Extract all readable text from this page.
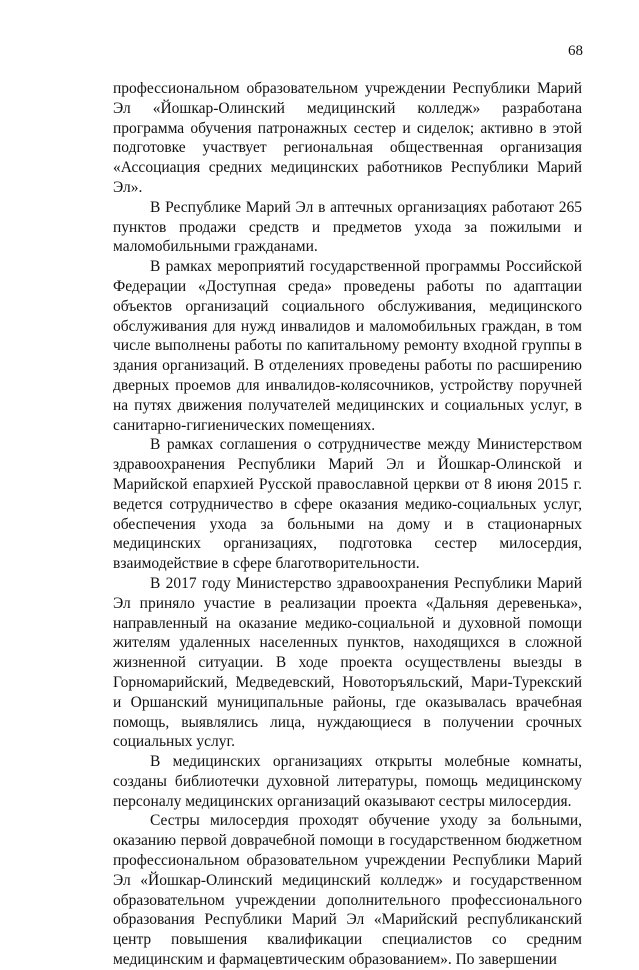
68

профессиональном образовательном учреждении Республики Марий Эл «Йошкар-Олинский медицинский колледж» разработана программа обучения патронажных сестер и сиделок; активно в этой подготовке участвует региональная общественная организация «Ассоциация средних медицинских работников Республики Марий Эл».

В Республике Марий Эл в аптечных организациях работают 265 пунктов продажи средств и предметов ухода за пожилыми и маломобильными гражданами.

В рамках мероприятий государственной программы Российской Федерации «Доступная среда» проведены работы по адаптации объектов организаций социального обслуживания, медицинского обслуживания для нужд инвалидов и маломобильных граждан, в том числе выполнены работы по капитальному ремонту входной группы в здания организаций. В отделениях проведены работы по расширению дверных проемов для инвалидов-колясочников, устройству поручней на путях движения получателей медицинских и социальных услуг, в санитарно-гигиенических помещениях.

В рамках соглашения о сотрудничестве между Министерством здравоохранения Республики Марий Эл и Йошкар-Олинской и Марийской епархией Русской православной церкви от 8 июня 2015 г. ведется сотрудничество в сфере оказания медико-социальных услуг, обеспечения ухода за больными на дому и в стационарных медицинских организациях, подготовка сестер милосердия, взаимодействие в сфере благотворительности.

В 2017 году Министерство здравоохранения Республики Марий Эл приняло участие в реализации проекта «Дальняя деревенька», направленный на оказание медико-социальной и духовной помощи жителям удаленных населенных пунктов, находящихся в сложной жизненной ситуации. В ходе проекта осуществлены выезды в Горномарийский, Медведевский, Новоторъяльский, Мари-Турекский и Оршанский муниципальные районы, где оказывалась врачебная помощь, выявлялись лица, нуждающиеся в получении срочных социальных услуг.

В медицинских организациях открыты молебные комнаты, созданы библиотечки духовной литературы, помощь медицинскому персоналу медицинских организаций оказывают сестры милосердия.

Сестры милосердия проходят обучение уходу за больными, оказанию первой доврачебной помощи в государственном бюджетном профессиональном образовательном учреждении Республики Марий Эл «Йошкар-Олинский медицинский колледж» и государственном образовательном учреждении дополнительного профессионального образования Республики Марий Эл «Марийский республиканский центр повышения квалификации специалистов со средним медицинским и фармацевтическим образованием». По завершении
